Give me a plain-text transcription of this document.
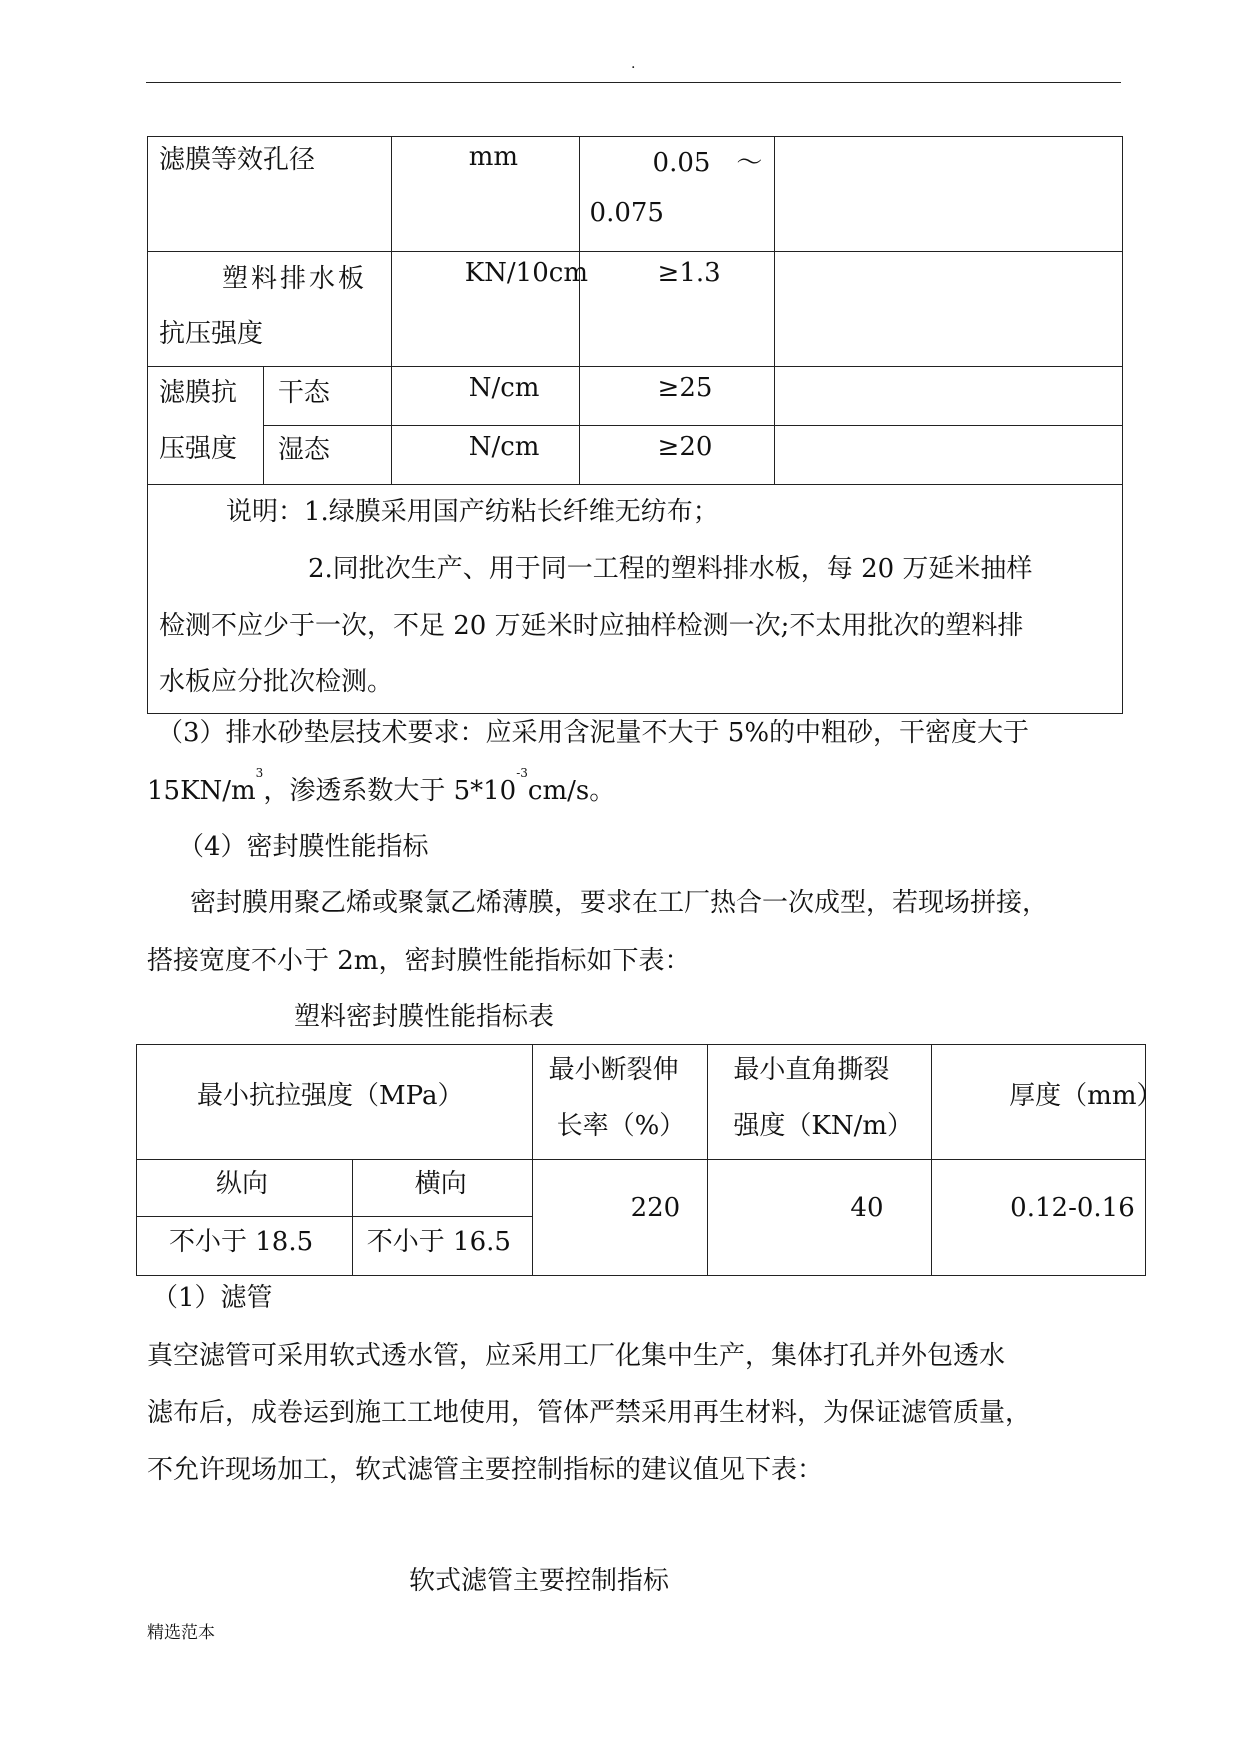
.
滤膜等效孔径		mm	0.05　～
0.075	

塑料排水板
抗压强度		KN/10cm	≥1.3	

滤膜抗
压强度	干态	N/cm	≥25	

	湿态	N/cm	≥20	

说明：1.绿膜采用国产纺粘长纤维无纺布；
2.同批次生产、用于同一工程的塑料排水板，每 20 万延米抽样
检测不应少于一次，不足 20 万延米时应抽样检测一次;不太用批次的塑料排
水板应分批次检测。				
（3）排水砂垫层技术要求：应采用含泥量不大于 5%的中粗砂，干密度大于
$15KN/m^3$，渗透系数大于 $5*10^{-3}cm/s$。
（4）密封膜性能指标
密封膜用聚乙烯或聚氯乙烯薄膜，要求在工厂热合一次成型，若现场拼接，
搭接宽度不小于 2m，密封膜性能指标如下表：
塑料密封膜性能指标表
最小抗拉强度（MPa）		最小断裂伸
长率（%）	最小直角撕裂
强度（KN/m）	厚度（mm）

纵向	横向	220	40	0.12-0.16

不小于 18.5	不小于 16.5			
（1）滤管
真空滤管可采用软式透水管，应采用工厂化集中生产，集体打孔并外包透水
滤布后，成卷运到施工工地使用，管体严禁采用再生材料，为保证滤管质量，
不允许现场加工，软式滤管主要控制指标的建议值见下表：
软式滤管主要控制指标
精选范本
